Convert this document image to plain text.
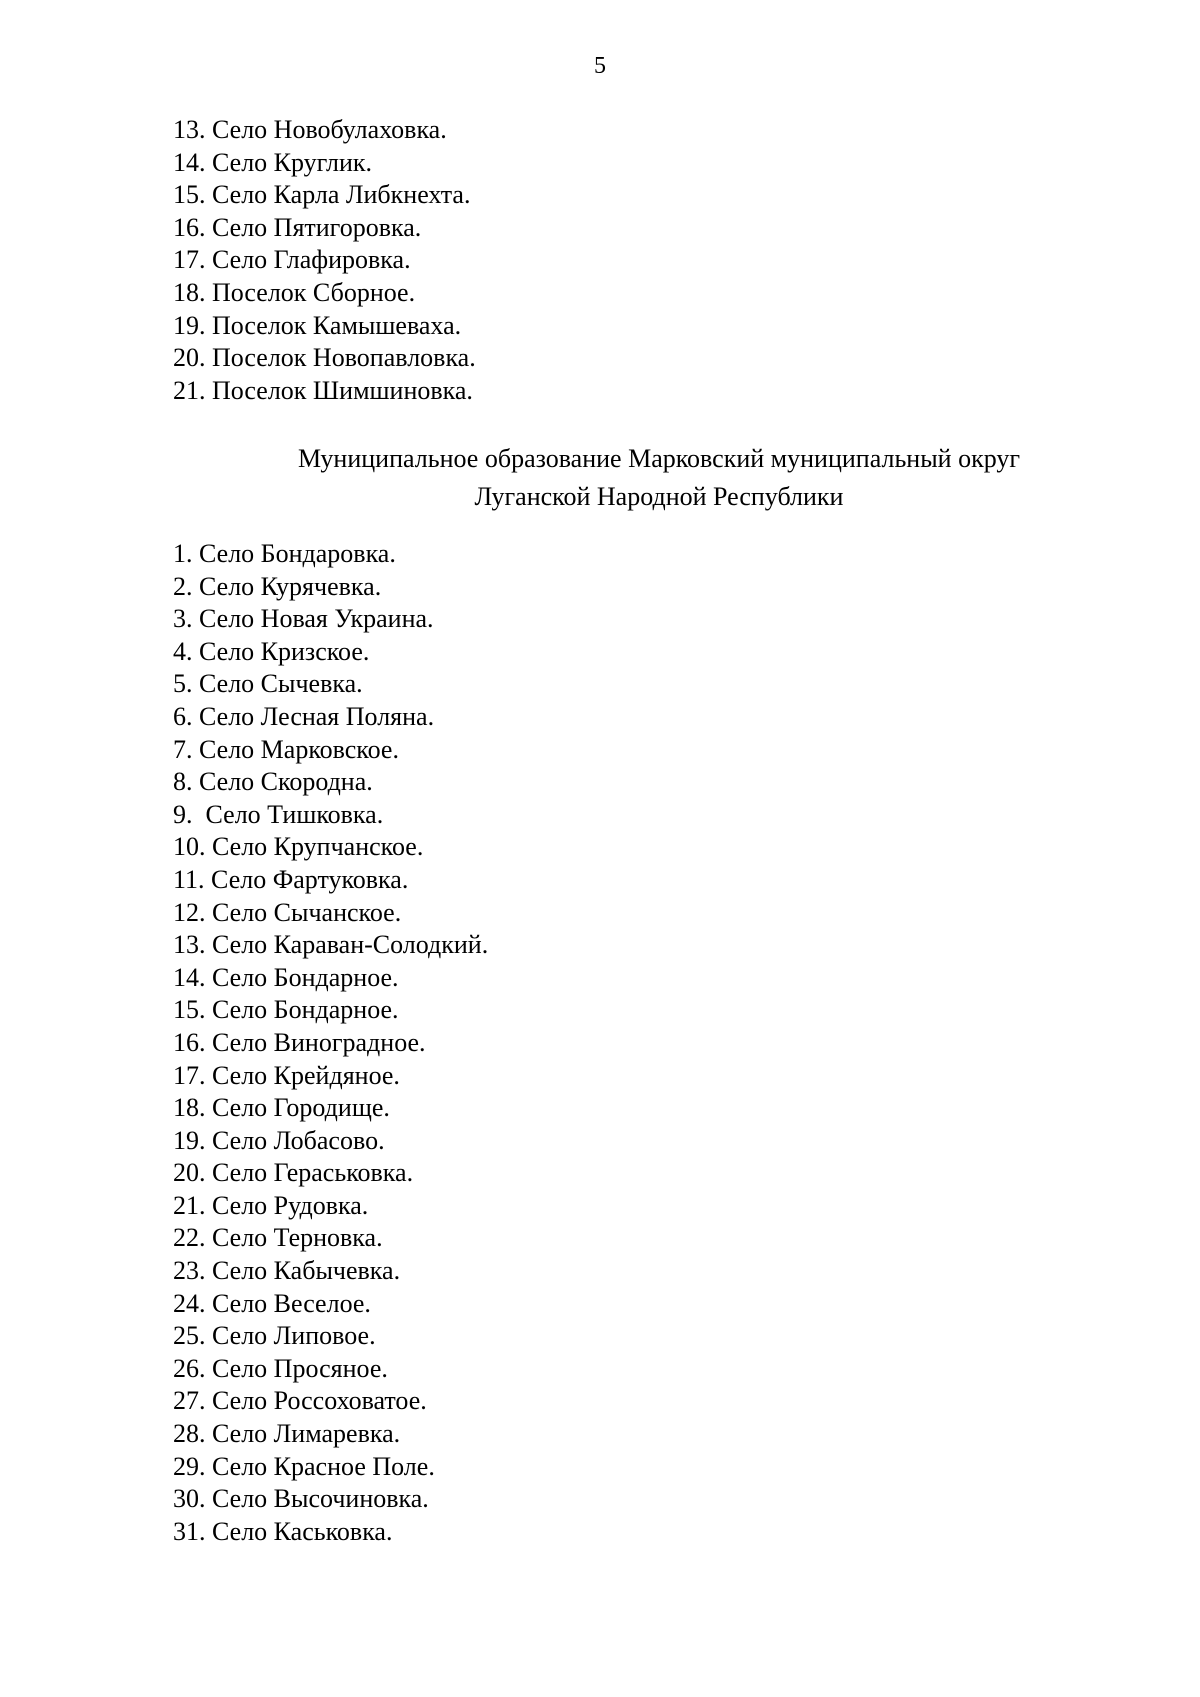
5
13. Село Новобулаховка.
14. Село Круглик.
15. Село Карла Либкнехта.
16. Село Пятигоровка.
17. Село Глафировка.
18. Поселок Сборное.
19. Поселок Камышеваха.
20. Поселок Новопавловка.
21. Поселок Шимшиновка.
Муниципальное образование Марковский муниципальный округ
Луганской Народной Республики
1. Село Бондаровка.
2. Село Курячевка.
3. Село Новая Украина.
4. Село Кризское.
5. Село Сычевка.
6. Село Лесная Поляна.
7. Село Марковское.
8. Село Скородна.
9.  Село Тишковка.
10. Село Крупчанское.
11. Село Фартуковка.
12. Село Сычанское.
13. Село Караван-Солодкий.
14. Село Бондарное.
15. Село Бондарное.
16. Село Виноградное.
17. Село Крейдяное.
18. Село Городище.
19. Село Лобасово.
20. Село Гераськовка.
21. Село Рудовка.
22. Село Терновка.
23. Село Кабычевка.
24. Село Веселое.
25. Село Липовое.
26. Село Просяное.
27. Село Россоховатое.
28. Село Лимаревка.
29. Село Красное Поле.
30. Село Высочиновка.
31. Село Каськовка.
